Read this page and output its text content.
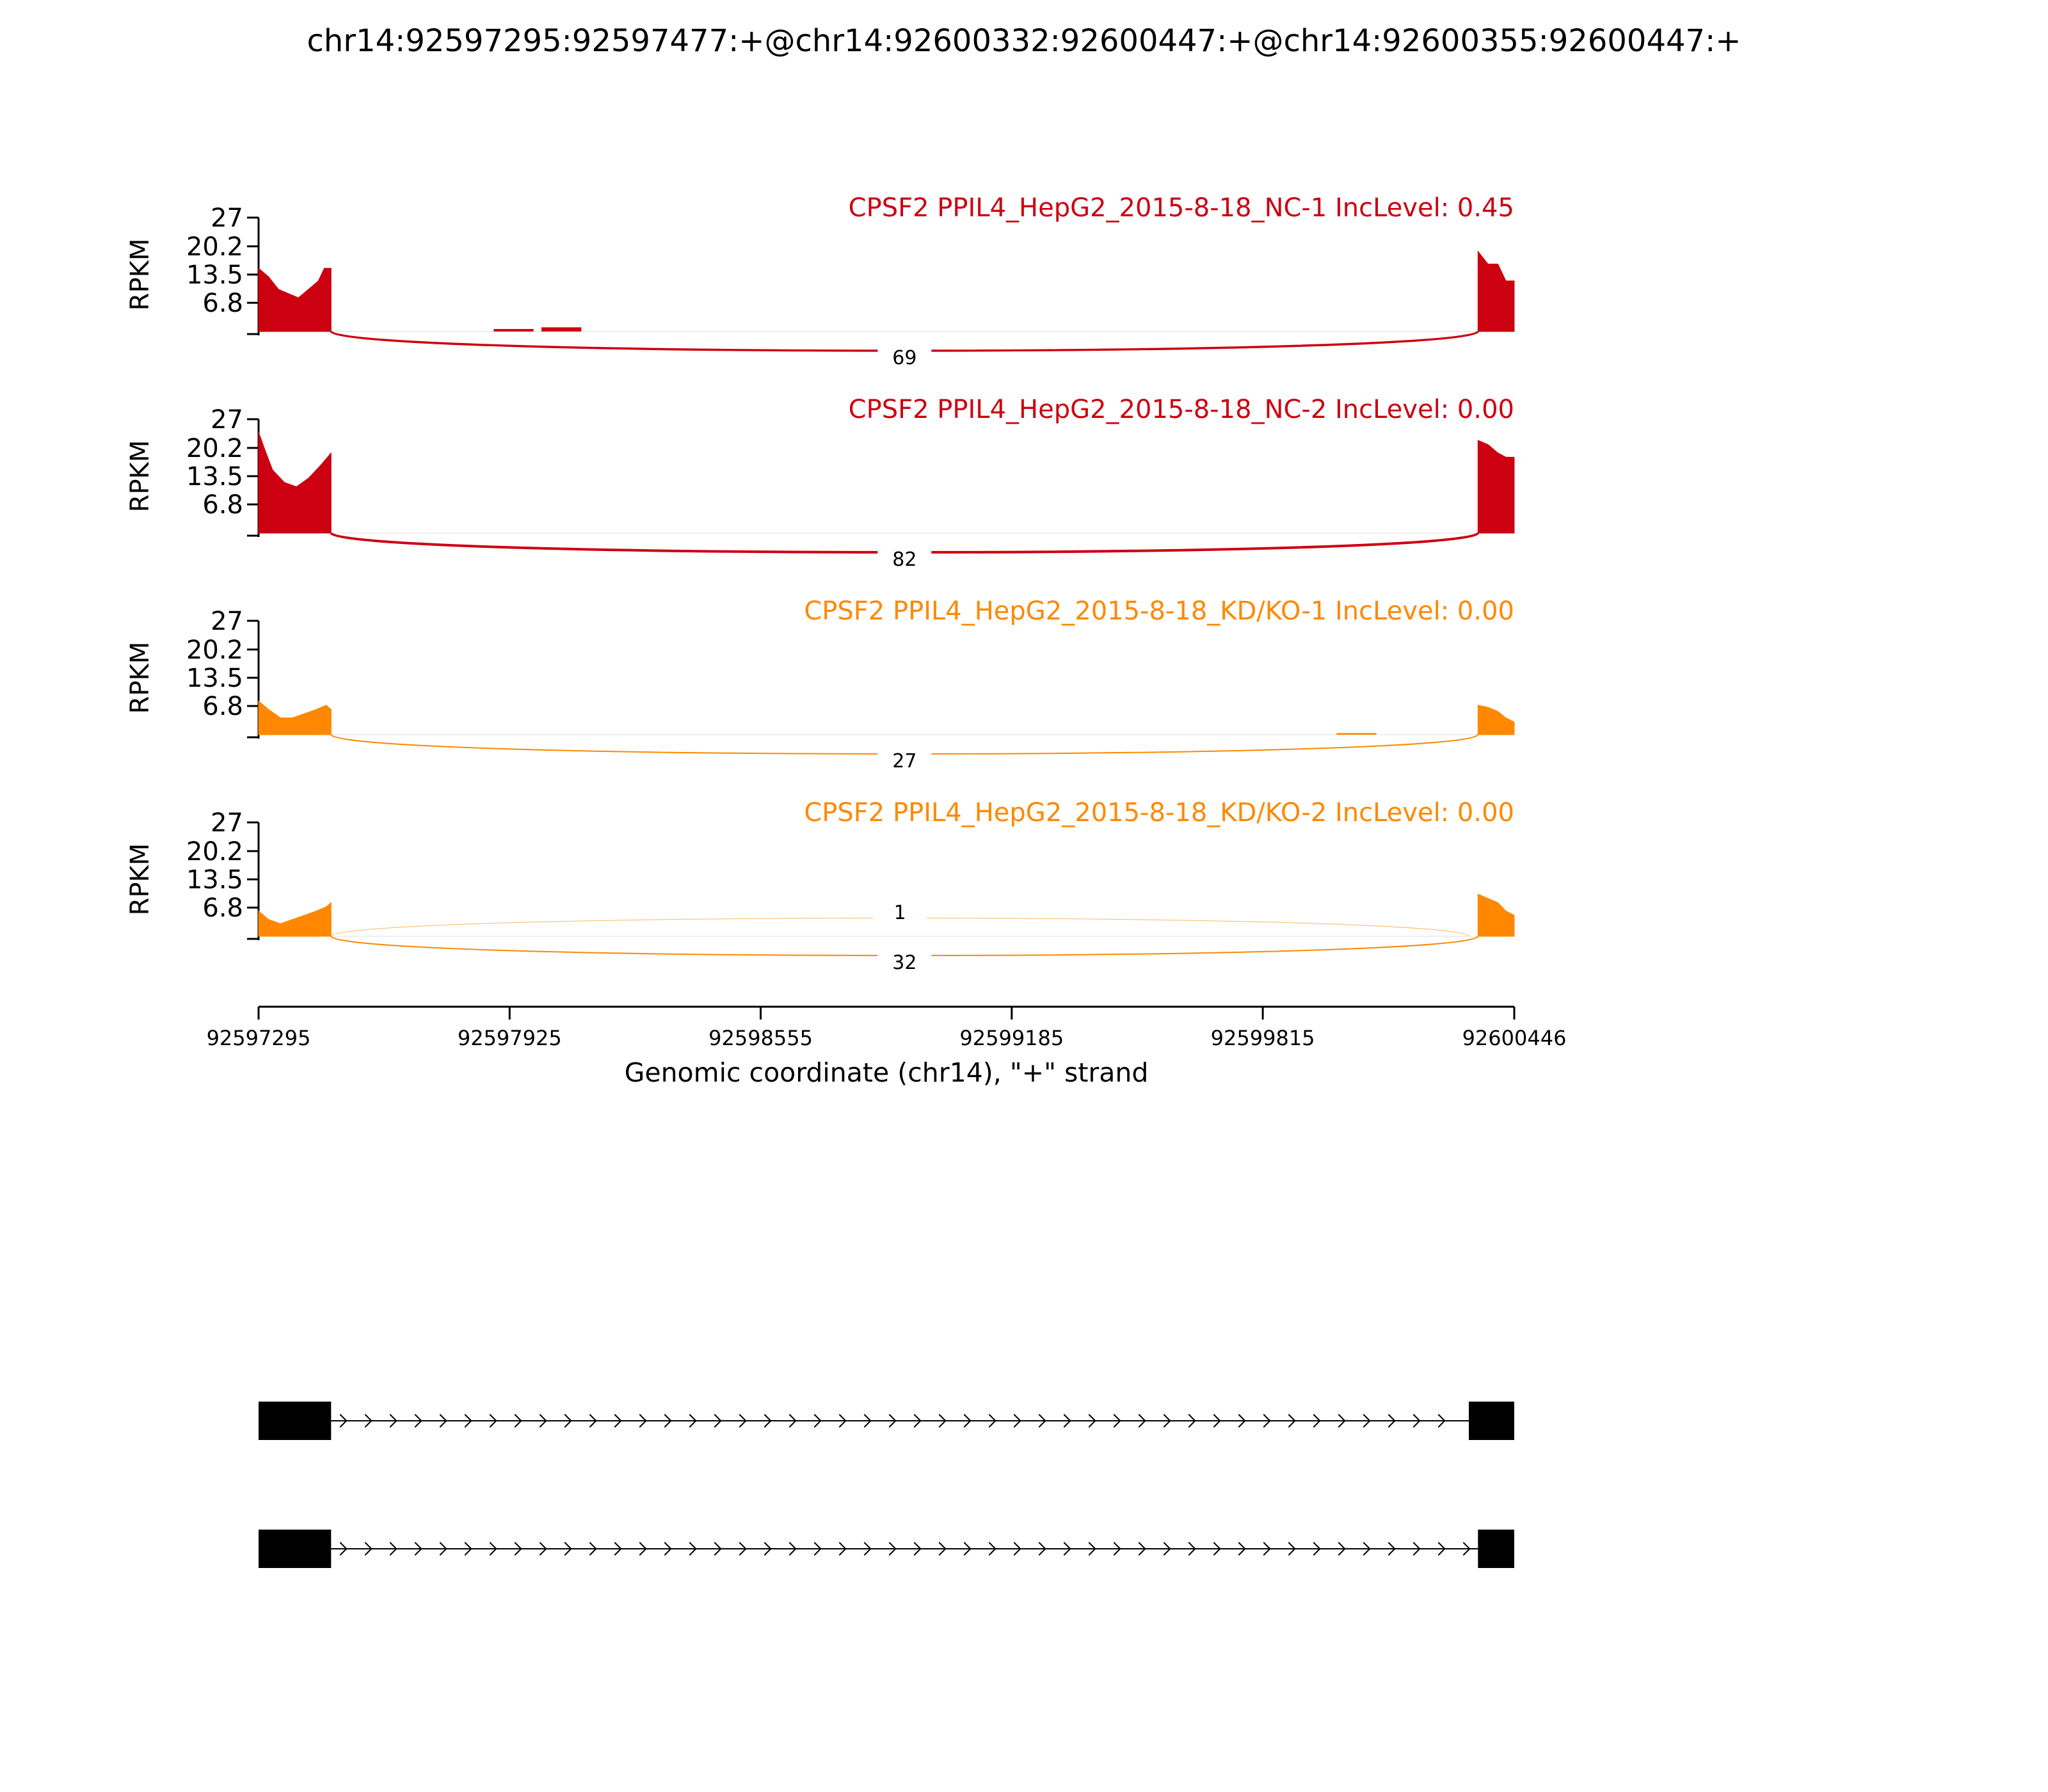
chr14:92597295:92597477:+@chr14:92600332:92600447:+@chr14:92600355:92600447:+
27
20.2
13.5
6.8
RPKM
CPSF2 PPIL4_HepG2_2015-8-18_NC-1 IncLevel: 0.45
69
27
20.2
13.5
6.8
RPKM
CPSF2 PPIL4_HepG2_2015-8-18_NC-2 IncLevel: 0.00
82
27
20.2
13.5
6.8
RPKM
CPSF2 PPIL4_HepG2_2015-8-18_KD/KO-1 IncLevel: 0.00
27
27
20.2
13.5
6.8
RPKM
CPSF2 PPIL4_HepG2_2015-8-18_KD/KO-2 IncLevel: 0.00
1
32
92597295	92597925	92598555	92599185	92599815	92600446
Genomic coordinate (chr14), "+" strand
